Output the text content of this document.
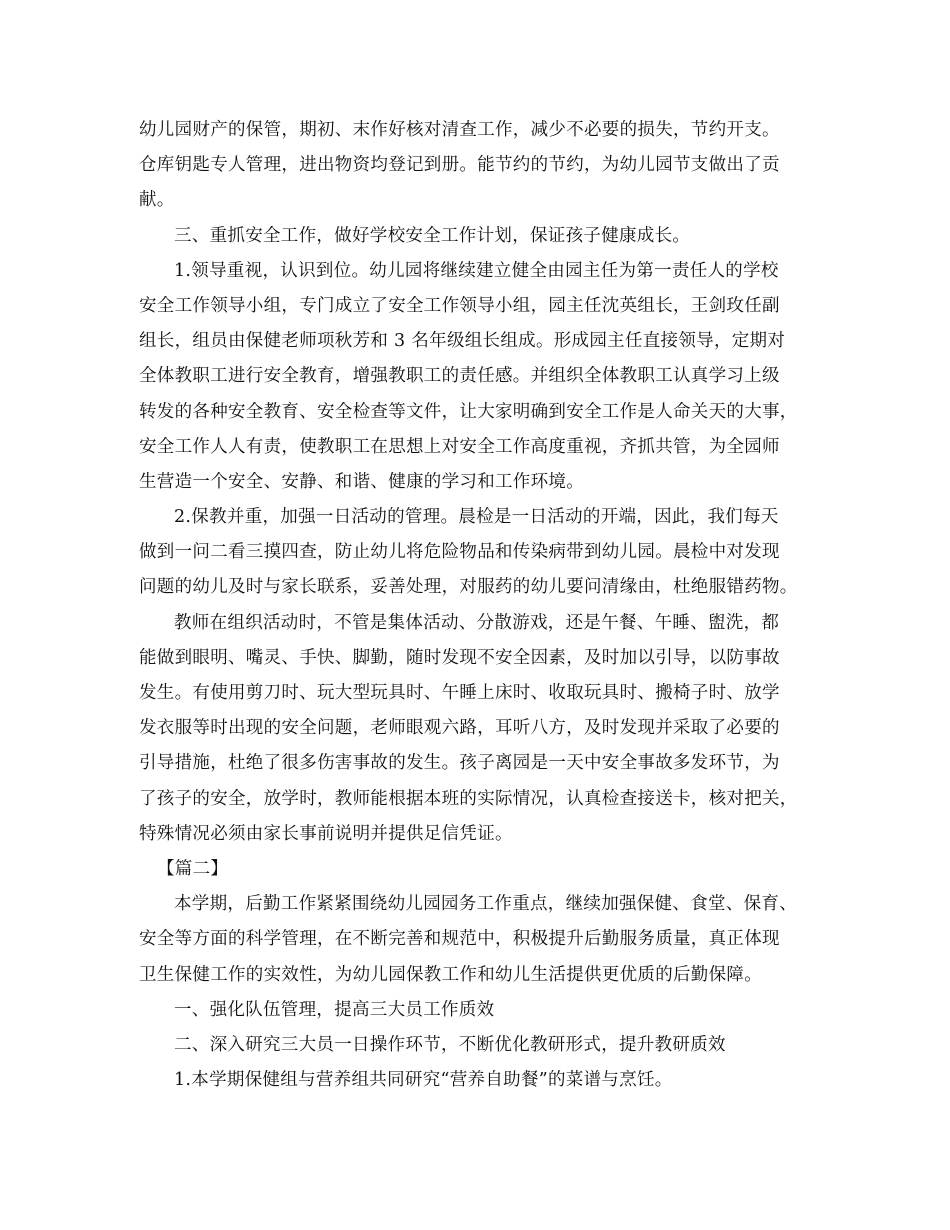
幼儿园财产的保管，期初、末作好核对清查工作，减少不必要的损失，节约开支。
仓库钥匙专人管理，进出物资均登记到册。能节约的节约，为幼儿园节支做出了贡
献。
三、重抓安全工作，做好学校安全工作计划，保证孩子健康成长。
1.领导重视，认识到位。幼儿园将继续建立健全由园主任为第一责任人的学校
安全工作领导小组，专门成立了安全工作领导小组，园主任沈英组长，王剑玫任副
组长，组员由保健老师项秋芳和 3 名年级组长组成。形成园主任直接领导，定期对
全体教职工进行安全教育，增强教职工的责任感。并组织全体教职工认真学习上级
转发的各种安全教育、安全检查等文件，让大家明确到安全工作是人命关天的大事，
安全工作人人有责，使教职工在思想上对安全工作高度重视，齐抓共管，为全园师
生营造一个安全、安静、和谐、健康的学习和工作环境。
2.保教并重，加强一日活动的管理。晨检是一日活动的开端，因此，我们每天
做到一问二看三摸四查，防止幼儿将危险物品和传染病带到幼儿园。晨检中对发现
问题的幼儿及时与家长联系，妥善处理，对服药的幼儿要问清缘由，杜绝服错药物。
教师在组织活动时，不管是集体活动、分散游戏，还是午餐、午睡、盥洗，都
能做到眼明、嘴灵、手快、脚勤，随时发现不安全因素，及时加以引导，以防事故
发生。有使用剪刀时、玩大型玩具时、午睡上床时、收取玩具时、搬椅子时、放学
发衣服等时出现的安全问题，老师眼观六路，耳听八方，及时发现并采取了必要的
引导措施，杜绝了很多伤害事故的发生。孩子离园是一天中安全事故多发环节，为
了孩子的安全，放学时，教师能根据本班的实际情况，认真检查接送卡，核对把关，
特殊情况必须由家长事前说明并提供足信凭证。
【篇二】
本学期，后勤工作紧紧围绕幼儿园园务工作重点，继续加强保健、食堂、保育、
安全等方面的科学管理，在不断完善和规范中，积极提升后勤服务质量，真正体现
卫生保健工作的实效性，为幼儿园保教工作和幼儿生活提供更优质的后勤保障。
一、强化队伍管理，提高三大员工作质效
二、深入研究三大员一日操作环节，不断优化教研形式，提升教研质效
1.本学期保健组与营养组共同研究“营养自助餐”的菜谱与烹饪。
